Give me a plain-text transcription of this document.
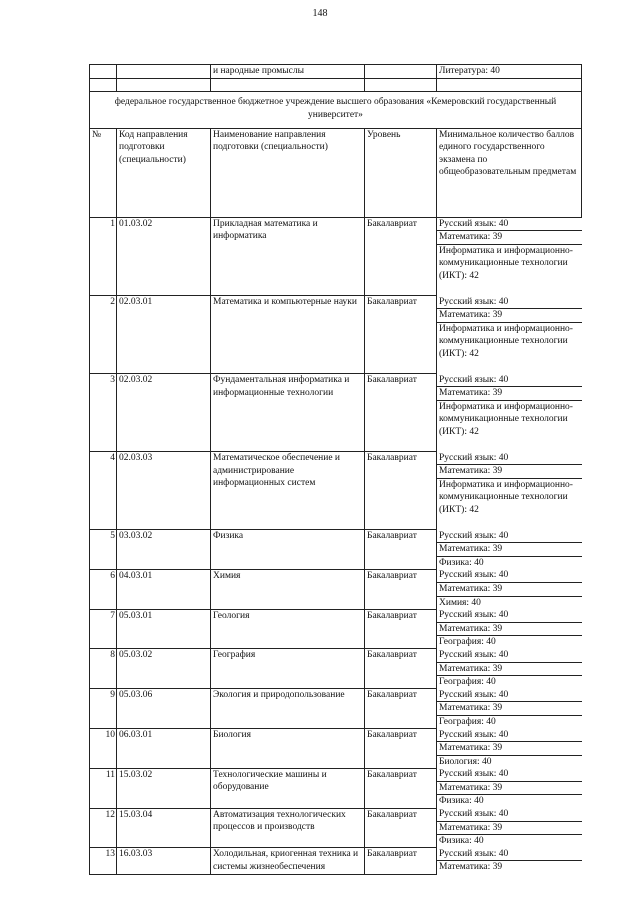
148
		и народные промыслы		Литература: 40

федеральное государственное бюджетное учреждение высшего образования «Кемеровский государственный университет»				
№	Код направления подготовки (специальности)	Наименование направления подготовки (специальности)	Уровень	Минимальное количество баллов единого государственного экзамена по общеобразовательным предметам
1	01.03.02	Прикладная математика и информатика	Бакалавриат	Русский язык: 40
Математика: 39
Информатика и информационно-коммуникационные технологии (ИКТ): 42

2	02.03.01	Математика и компьютерные науки	Бакалавриат	Русский язык: 40
Математика: 39
Информатика и информационно-коммуникационные технологии (ИКТ): 42

3	02.03.02	Фундаментальная информатика и информационные технологии	Бакалавриат	Русский язык: 40
Математика: 39
Информатика и информационно-коммуникационные технологии (ИКТ): 42

4	02.03.03	Математическое обеспечение и администрирование информационных систем	Бакалавриат	Русский язык: 40
Математика: 39
Информатика и информационно-коммуникационные технологии (ИКТ): 42

5	03.03.02	Физика	Бакалавриат	Русский язык: 40
Математика: 39
Физика: 40

6	04.03.01	Химия	Бакалавриат	Русский язык: 40
Математика: 39
Химия: 40

7	05.03.01	Геология	Бакалавриат	Русский язык: 40
Математика: 39
География: 40

8	05.03.02	География	Бакалавриат	Русский язык: 40
Математика: 39
География: 40

9	05.03.06	Экология и природопользование	Бакалавриат	Русский язык: 40
Математика: 39
География: 40

10	06.03.01	Биология	Бакалавриат	Русский язык: 40
Математика: 39
Биология: 40

11	15.03.02	Технологические машины и оборудование	Бакалавриат	Русский язык: 40
Математика: 39
Физика: 40

12	15.03.04	Автоматизация технологических процессов и производств	Бакалавриат	Русский язык: 40
Математика: 39
Физика: 40

13	16.03.03	Холодильная, криогенная техника и системы жизнеобеспечения	Бакалавриат	Русский язык: 40
Математика: 39
